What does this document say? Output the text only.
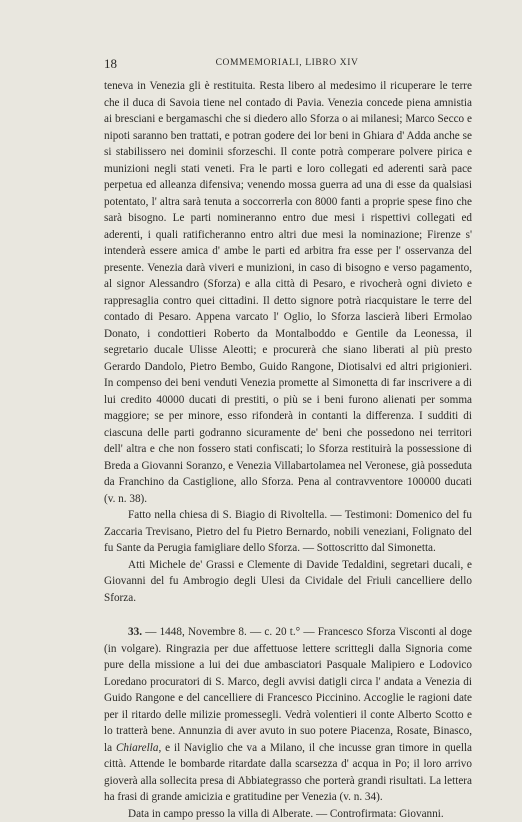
18	COMMEMORIALI, LIBRO XIV

teneva in Venezia gli è restituita. Resta libero al medesimo il ricuperare le terre che il duca di Savoia tiene nel contado di Pavia. Venezia concede piena amnistia ai bresciani e bergamaschi che si diedero allo Sforza o ai milanesi; Marco Secco e nipoti saranno ben trattati, e potran godere dei lor beni in Ghiara d' Adda anche se si stabilissero nei dominii sforzeschi. Il conte potrà comperare polvere pirica e munizioni negli stati veneti. Fra le parti e loro collegati ed aderenti sarà pace perpetua ed alleanza difensiva; venendo mossa guerra ad una di esse da qualsiasi potentato, l' altra sarà tenuta a soccorrerla con 8000 fanti a proprie spese fino che sarà bisogno. Le parti nomineranno entro due mesi i rispettivi collegati ed aderenti, i quali ratificheranno entro altri due mesi la nominazione; Firenze s' intenderà essere amica d' ambe le parti ed arbitra fra esse per l' osservanza del presente. Venezia darà viveri e munizioni, in caso di bisogno e verso pagamento, al signor Alessandro (Sforza) e alla città di Pesaro, e rivocherà ogni divieto e rappresaglia contro quei cittadini. Il detto signore potrà riacquistare le terre del contado di Pesaro. Appena varcato l' Oglio, lo Sforza lascierà liberi Ermolao Donato, i condottieri Roberto da Montalboddo e Gentile da Leonessa, il segretario ducale Ulisse Aleotti; e procurerà che siano liberati al più presto Gerardo Dandolo, Pietro Bembo, Guido Rangone, Diotisalvi ed altri prigionieri. In compenso dei beni venduti Venezia promette al Simonetta di far inscrivere a di lui credito 40000 ducati di prestiti, o più se i beni furono alienati per somma maggiore; se per minore, esso rifonderà in contanti la differenza. I sudditi di ciascuna delle parti godranno sicuramente de' beni che possedono nei territori dell' altra e che non fossero stati confiscati; lo Sforza restituirà la possessione di Breda a Giovanni Soranzo, e Venezia Villabartolamea nel Veronese, già posseduta da Franchino da Castiglione, allo Sforza. Pena al contravventore 100000 ducati (v. n. 38).

Fatto nella chiesa di S. Biagio di Rivoltella. — Testimoni: Domenico del fu Zaccaria Trevisano, Pietro del fu Pietro Bernardo, nobili veneziani, Folignato del fu Sante da Perugia famigliare dello Sforza. — Sottoscritto dal Simonetta.

Atti Michele de' Grassi e Clemente di Davide Tedaldini, segretari ducali, e Giovanni del fu Ambrogio degli Ulesi da Cividale del Friuli cancelliere dello Sforza.

33. — 1448, Novembre 8. — c. 20 t.° — Francesco Sforza Visconti al doge (in volgare). Ringrazia per due affettuose lettere scrittegli dalla Signoria come pure della missione a lui dei due ambasciatori Pasquale Malipiero e Lodovico Loredano procuratori di S. Marco, degli avvisi datigli circa l' andata a Venezia di Guido Rangone e del cancelliere di Francesco Piccinino. Accoglie le ragioni date per il ritardo delle milizie promessegli. Vedrà volentieri il conte Alberto Scotto e lo tratterà bene. Annunzia di aver avuto in suo potere Piacenza, Rosate, Binasco, la Chiarella, e il Naviglio che va a Milano, il che incusse gran timore in quella città. Attende le bombarde ritardate dalla scarsezza d' acqua in Po; il loro arrivo gioverà alla sollecita presa di Abbiategrasso che porterà grandi risultati. La lettera ha frasi di grande amicizia e gratitudine per Venezia (v. n. 34).

Data in campo presso la villa di Alberate. — Controfirmata: Giovanni.
